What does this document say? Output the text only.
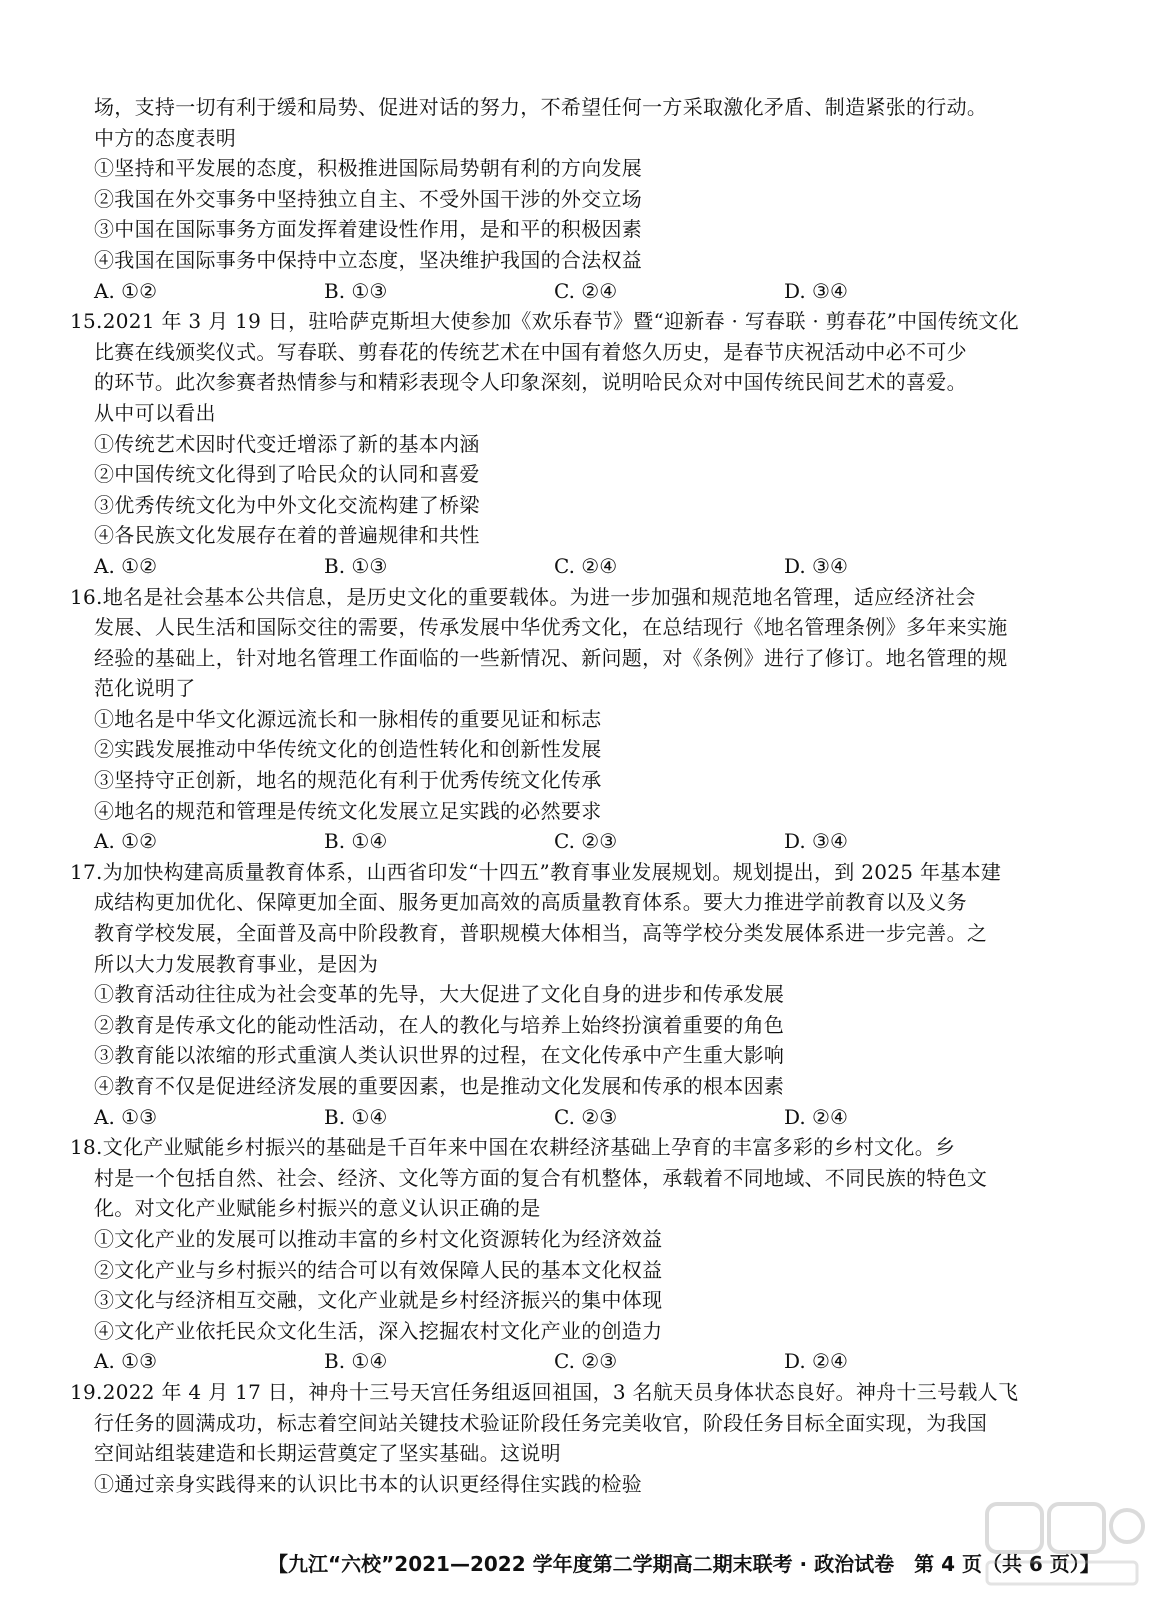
场，支持一切有利于缓和局势、促进对话的努力，不希望任何一方采取激化矛盾、制造紧张的行动。
中方的态度表明
①坚持和平发展的态度，积极推进国际局势朝有利的方向发展
②我国在外交事务中坚持独立自主、不受外国干涉的外交立场
③中国在国际事务方面发挥着建设性作用，是和平的积极因素
④我国在国际事务中保持中立态度，坚决维护我国的合法权益
A. ①②	B. ①③	C. ②④	D. ③④
15.2021 年 3 月 19 日，驻哈萨克斯坦大使参加《欢乐春节》暨“迎新春 · 写春联 · 剪春花”中国传统文化
比赛在线颁奖仪式。写春联、剪春花的传统艺术在中国有着悠久历史，是春节庆祝活动中必不可少
的环节。此次参赛者热情参与和精彩表现令人印象深刻，说明哈民众对中国传统民间艺术的喜爱。
从中可以看出
①传统艺术因时代变迁增添了新的基本内涵
②中国传统文化得到了哈民众的认同和喜爱
③优秀传统文化为中外文化交流构建了桥梁
④各民族文化发展存在着的普遍规律和共性
A. ①②	B. ①③	C. ②④	D. ③④
16.地名是社会基本公共信息，是历史文化的重要载体。为进一步加强和规范地名管理，适应经济社会
发展、人民生活和国际交往的需要，传承发展中华优秀文化，在总结现行《地名管理条例》多年来实施
经验的基础上，针对地名管理工作面临的一些新情况、新问题，对《条例》进行了修订。地名管理的规
范化说明了
①地名是中华文化源远流长和一脉相传的重要见证和标志
②实践发展推动中华传统文化的创造性转化和创新性发展
③坚持守正创新，地名的规范化有利于优秀传统文化传承
④地名的规范和管理是传统文化发展立足实践的必然要求
A. ①②	B. ①④	C. ②③	D. ③④
17.为加快构建高质量教育体系，山西省印发“十四五”教育事业发展规划。规划提出，到 2025 年基本建
成结构更加优化、保障更加全面、服务更加高效的高质量教育体系。要大力推进学前教育以及义务
教育学校发展，全面普及高中阶段教育，普职规模大体相当，高等学校分类发展体系进一步完善。之
所以大力发展教育事业，是因为
①教育活动往往成为社会变革的先导，大大促进了文化自身的进步和传承发展
②教育是传承文化的能动性活动，在人的教化与培养上始终扮演着重要的角色
③教育能以浓缩的形式重演人类认识世界的过程，在文化传承中产生重大影响
④教育不仅是促进经济发展的重要因素，也是推动文化发展和传承的根本因素
A. ①③	B. ①④	C. ②③	D. ②④
18.文化产业赋能乡村振兴的基础是千百年来中国在农耕经济基础上孕育的丰富多彩的乡村文化。乡
村是一个包括自然、社会、经济、文化等方面的复合有机整体，承载着不同地域、不同民族的特色文
化。对文化产业赋能乡村振兴的意义认识正确的是
①文化产业的发展可以推动丰富的乡村文化资源转化为经济效益
②文化产业与乡村振兴的结合可以有效保障人民的基本文化权益
③文化与经济相互交融，文化产业就是乡村经济振兴的集中体现
④文化产业依托民众文化生活，深入挖掘农村文化产业的创造力
A. ①③	B. ①④	C. ②③	D. ②④
19.2022 年 4 月 17 日，神舟十三号天宫任务组返回祖国，3 名航天员身体状态良好。神舟十三号载人飞
行任务的圆满成功，标志着空间站关键技术验证阶段任务完美收官，阶段任务目标全面实现，为我国
空间站组装建造和长期运营奠定了坚实基础。这说明
①通过亲身实践得来的认识比书本的认识更经得住实践的检验
【九江“六校”2021—2022 学年度第二学期高二期末联考 · 政治试卷　第 4 页（共 6 页）】
